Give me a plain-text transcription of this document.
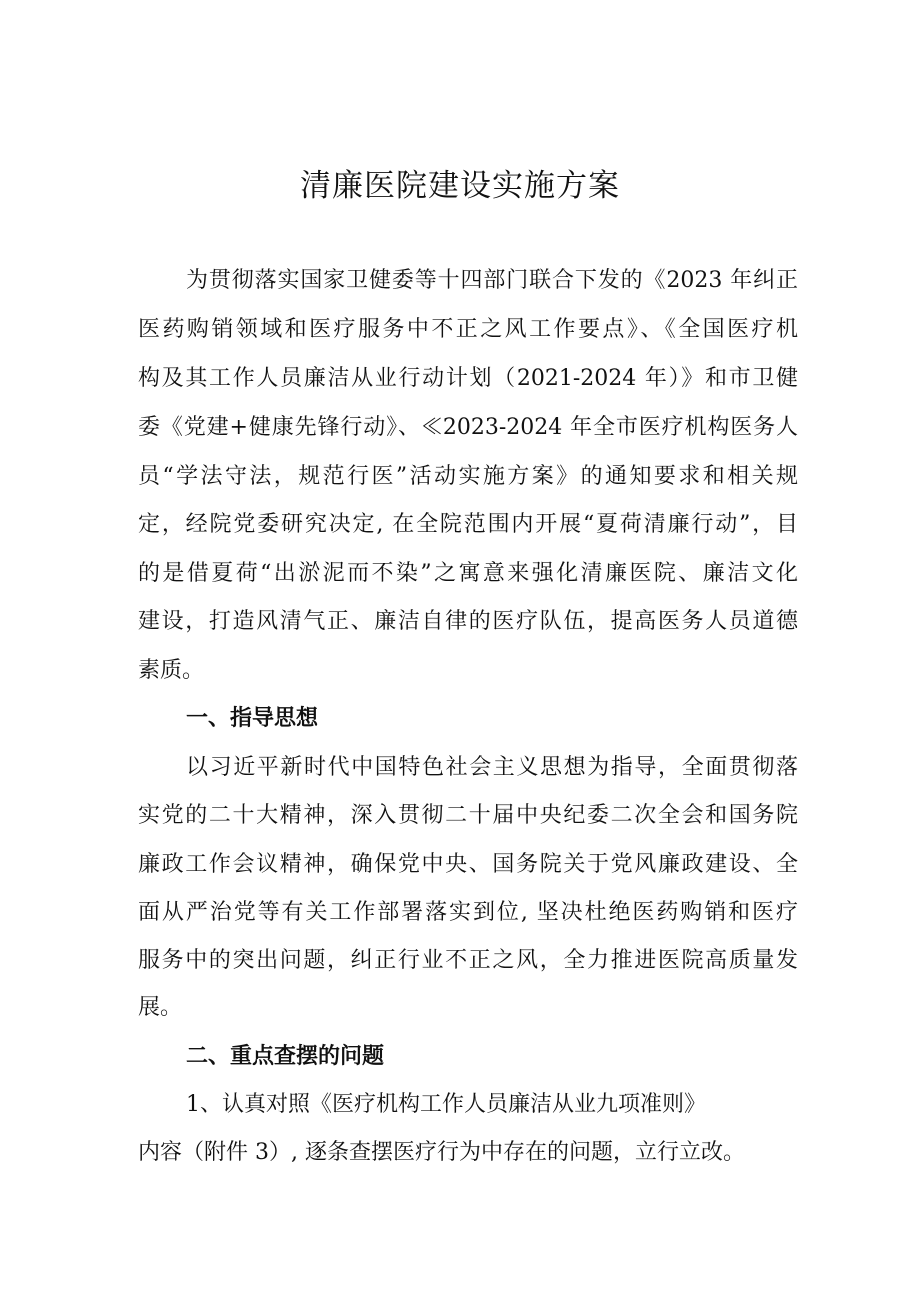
清廉医院建设实施方案

为贯彻落实国家卫健委等十四部门联合下发的《2023 年纠正

医药购销领域和医疗服务中不正之风工作要点》、《全国医疗机

构及其工作人员廉洁从业行动计划（2021-2024 年）》和市卫健

委《党建+健康先锋行动》、≪2023-2024 年全市医疗机构医务人

员“学法守法，规范行医”活动实施方案》的通知要求和相关规

定，经院党委研究决定, 在全院范围内开展“夏荷清廉行动”，目

的是借夏荷“出淤泥而不染”之寓意来强化清廉医院、廉洁文化

建设，打造风清气正、廉洁自律的医疗队伍，提高医务人员道德

素质。

一、指导思想

以习近平新时代中国特色社会主义思想为指导，全面贯彻落

实党的二十大精神，深入贯彻二十届中央纪委二次全会和国务院

廉政工作会议精神，确保党中央、国务院关于党风廉政建设、全

面从严治党等有关工作部署落实到位, 坚决杜绝医药购销和医疗

服务中的突出问题，纠正行业不正之风，全力推进医院高质量发

展。

二、重点查摆的问题

1、认真对照《医疗机构工作人员廉洁从业九项准则》

内容（附件 3）, 逐条查摆医疗行为中存在的问题，立行立改。
